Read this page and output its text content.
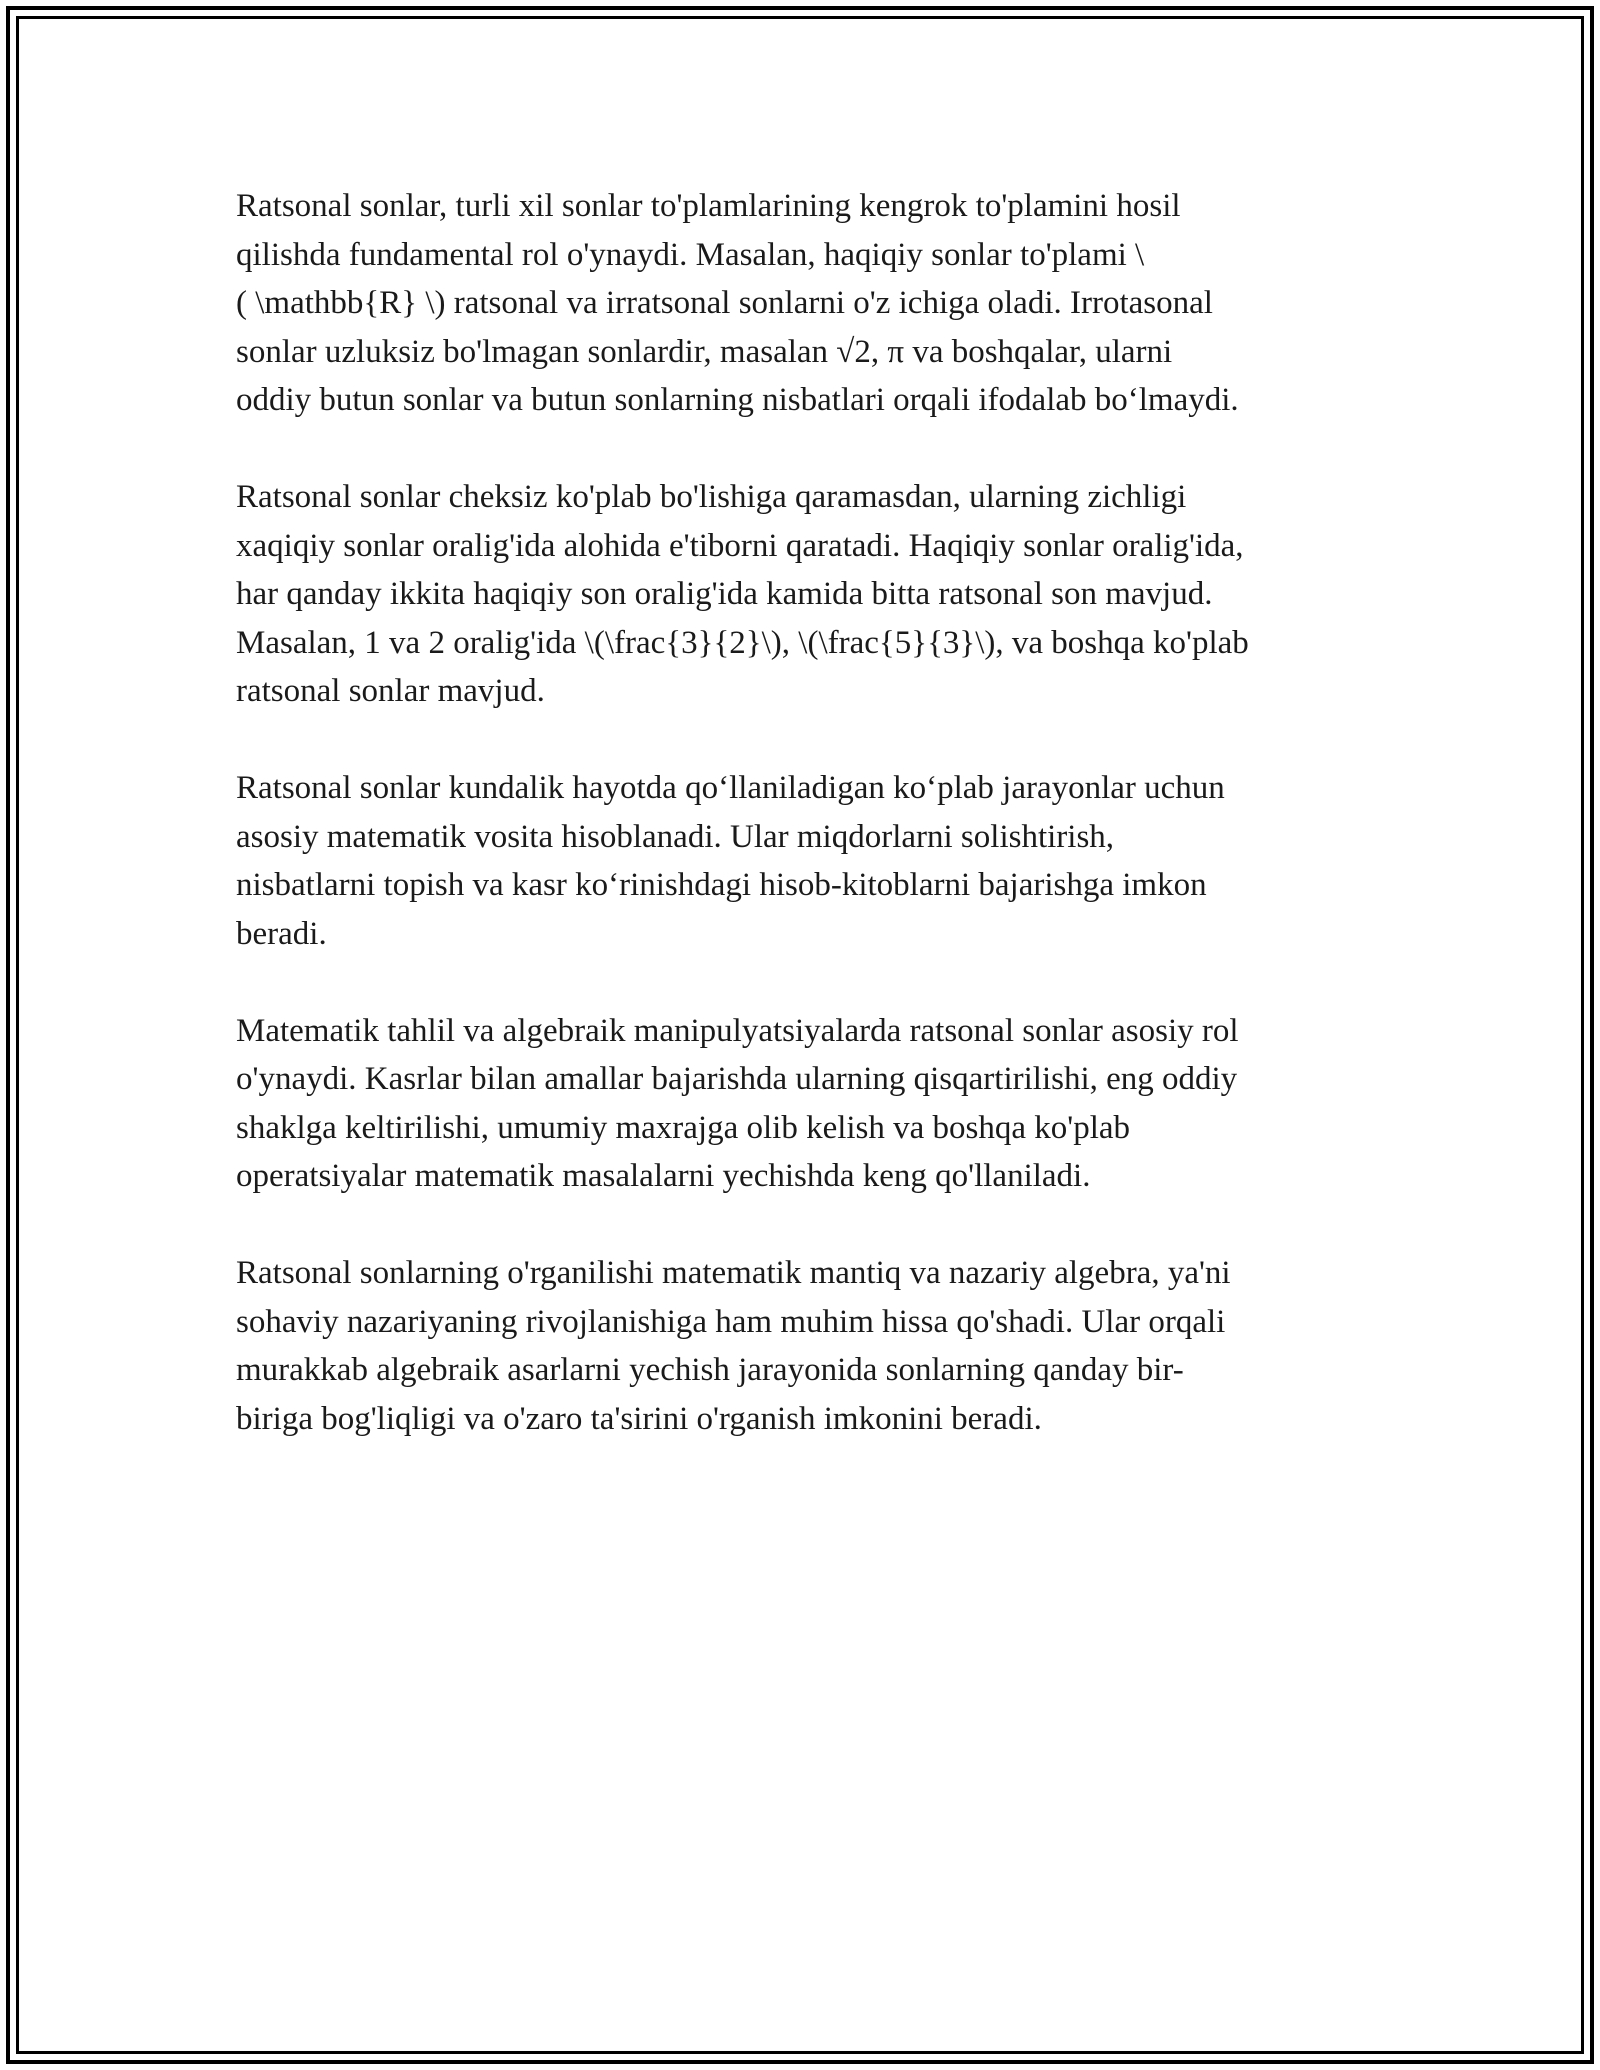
Ratsonal sonlar, turli xil sonlar to'plamlarining kengrok to'plamini hosil
qilishda fundamental rol o'ynaydi. Masalan, haqiqiy sonlar to'plami \
( \mathbb{R} \) ratsonal va irratsonal sonlarni o'z ichiga oladi. Irrotasonal
sonlar uzluksiz bo'lmagan sonlardir, masalan √2, π va boshqalar, ularni
oddiy butun sonlar va butun sonlarning nisbatlari orqali ifodalab bo‘lmaydi.

Ratsonal sonlar cheksiz ko'plab bo'lishiga qaramasdan, ularning zichligi
xaqiqiy sonlar oralig'ida alohida e'tiborni qaratadi. Haqiqiy sonlar oralig'ida,
har qanday ikkita haqiqiy son oralig'ida kamida bitta ratsonal son mavjud.
Masalan, 1 va 2 oralig'ida \(\frac{3}{2}\), \(\frac{5}{3}\), va boshqa ko'plab
ratsonal sonlar mavjud.

Ratsonal sonlar kundalik hayotda qo‘llaniladigan ko‘plab jarayonlar uchun
asosiy matematik vosita hisoblanadi. Ular miqdorlarni solishtirish,
nisbatlarni topish va kasr ko‘rinishdagi hisob-kitoblarni bajarishga imkon
beradi.

Matematik tahlil va algebraik manipulyatsiyalarda ratsonal sonlar asosiy rol
o'ynaydi. Kasrlar bilan amallar bajarishda ularning qisqartirilishi, eng oddiy
shaklga keltirilishi, umumiy maxrajga olib kelish va boshqa ko'plab
operatsiyalar matematik masalalarni yechishda keng qo'llaniladi.

Ratsonal sonlarning o'rganilishi matematik mantiq va nazariy algebra, ya'ni
sohaviy nazariyaning rivojlanishiga ham muhim hissa qo'shadi. Ular orqali
murakkab algebraik asarlarni yechish jarayonida sonlarning qanday bir-
biriga bog'liqligi va o'zaro ta'sirini o'rganish imkonini beradi.
